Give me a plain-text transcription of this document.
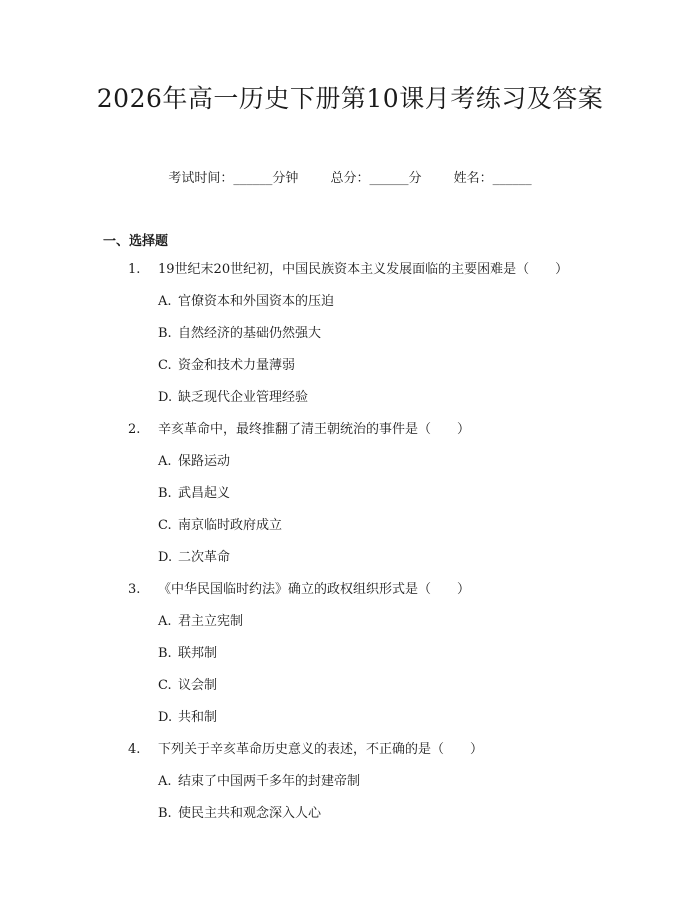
2026年高一历史下册第10课月考练习及答案
考试时间：______分钟 总分：______分 姓名：______
一、选择题
1. 19世纪末20世纪初，中国民族资本主义发展面临的主要困难是（　　）
A. 官僚资本和外国资本的压迫
B. 自然经济的基础仍然强大
C. 资金和技术力量薄弱
D. 缺乏现代企业管理经验
2. 辛亥革命中，最终推翻了清王朝统治的事件是（　　）
A. 保路运动
B. 武昌起义
C. 南京临时政府成立
D. 二次革命
3. 《中华民国临时约法》确立的政权组织形式是（　　）
A. 君主立宪制
B. 联邦制
C. 议会制
D. 共和制
4. 下列关于辛亥革命历史意义的表述，不正确的是（　　）
A. 结束了中国两千多年的封建帝制
B. 使民主共和观念深入人心
